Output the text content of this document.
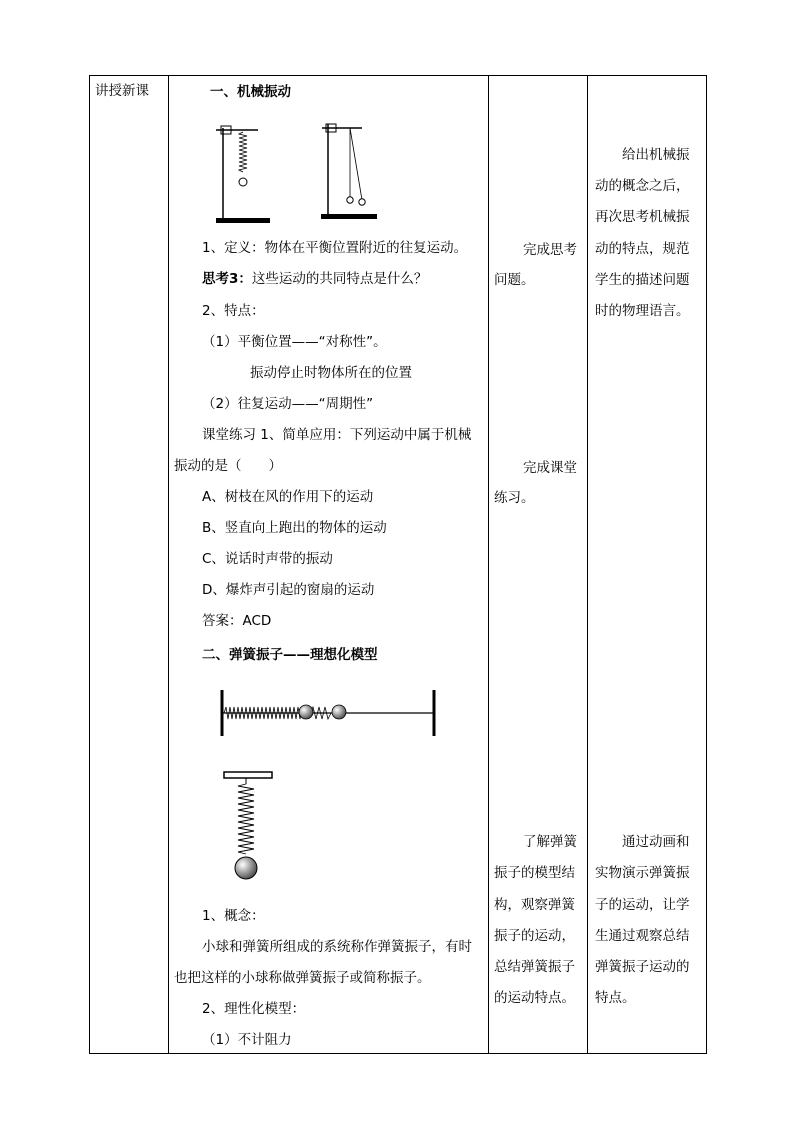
讲授新课	一、机械振动
1、定义：物体在平衡位置附近的往复运动。
思考3：这些运动的共同特点是什么？
2、特点：
（1）平衡位置——“对称性”。
振动停止时物体所在的位置
（2）往复运动——“周期性”
课堂练习 1、简单应用：下列运动中属于机械
振动的是（　　）
A、树枝在风的作用下的运动
B、竖直向上跑出的物体的运动
C、说话时声带的振动
D、爆炸声引起的窗扇的运动
答案：ACD
二、弹簧振子——理想化模型
1、概念：
小球和弹簧所组成的系统称作弹簧振子，有时
也把这样的小球称做弹簧振子或简称振子。
2、理性化模型：
（1）不计阻力
完成思考
问题。
完成课堂
练习。
了解弹簧
振子的模型结
构，观察弹簧
振子的运动，
总结弹簧振子
的运动特点。
给出机械振
动的概念之后，
再次思考机械振
动的特点，规范
学生的描述问题
时的物理语言。
通过动画和
实物演示弹簧振
子的运动，让学
生通过观察总结
弹簧振子运动的
特点。
